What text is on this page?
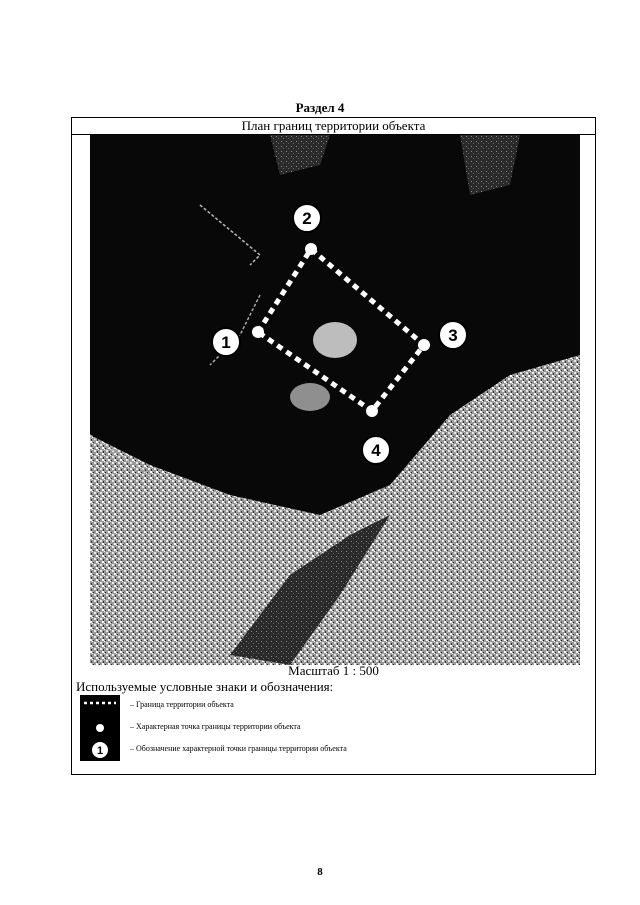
Раздел 4
План границ территории объекта
1
2
3
4
Масштаб 1 : 500
Используемые условные знаки и обозначения:
– Граница территории объекта
– Характерная точка границы территории объекта
1	– Обозначение характерной точки границы территории объекта
8
